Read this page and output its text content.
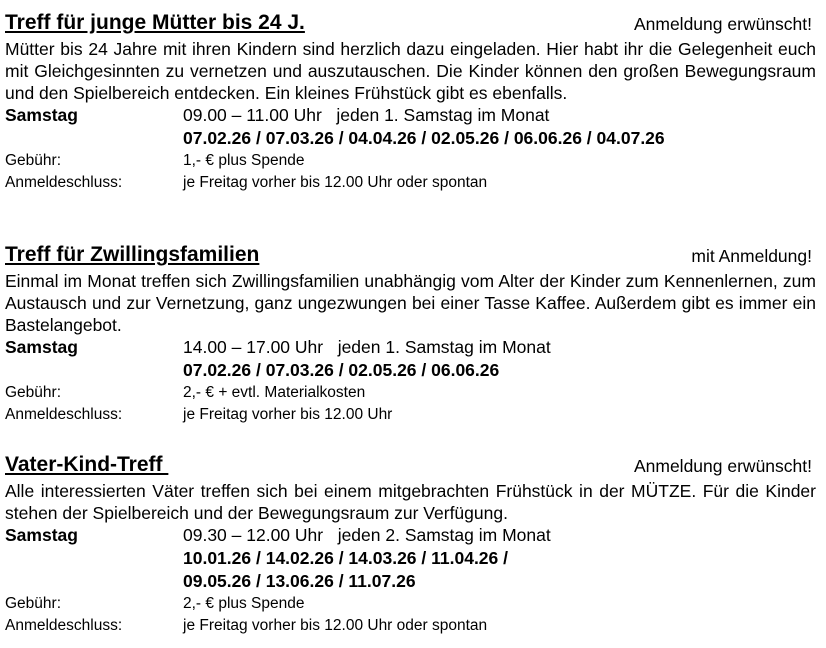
Treff für junge Mütter bis 24 J.	Anmeldung erwünscht!

Mütter bis 24 Jahre mit ihren Kindern sind herzlich dazu eingeladen. Hier habt ihr die Gelegenheit euch mit Gleichgesinnten zu vernetzen und auszutauschen. Die Kinder können den großen Bewegungsraum und den Spielbereich entdecken. Ein kleines Frühstück gibt es ebenfalls.

Samstag	09.00 – 11.00 Uhr   jeden 1. Samstag im Monat
07.02.26 / 07.03.26 / 04.04.26 / 02.05.26 / 06.06.26 / 04.07.26
Gebühr:	1,- € plus Spende
Anmeldeschluss:	je Freitag vorher bis 12.00 Uhr oder spontan
Treff für Zwillingsfamilien	mit Anmeldung!

Einmal im Monat treffen sich Zwillingsfamilien unabhängig vom Alter der Kinder zum Kennenlernen, zum Austausch und zur Vernetzung, ganz ungezwungen bei einer Tasse Kaffee. Außerdem gibt es immer ein Bastelangebot.

Samstag	14.00 – 17.00 Uhr   jeden 1. Samstag im Monat
07.02.26 / 07.03.26 / 02.05.26 / 06.06.26
Gebühr:	2,- € + evtl. Materialkosten
Anmeldeschluss:	je Freitag vorher bis 12.00 Uhr
Vater-Kind-Treff	Anmeldung erwünscht!

Alle interessierten Väter treffen sich bei einem mitgebrachten Frühstück in der MÜTZE. Für die Kinder stehen der Spielbereich und der Bewegungsraum zur Verfügung.

Samstag	09.30 – 12.00 Uhr   jeden 2. Samstag im Monat
10.01.26 / 14.02.26 / 14.03.26 / 11.04.26 /
09.05.26 / 13.06.26 / 11.07.26
Gebühr:	2,- € plus Spende
Anmeldeschluss:	je Freitag vorher bis 12.00 Uhr oder spontan
